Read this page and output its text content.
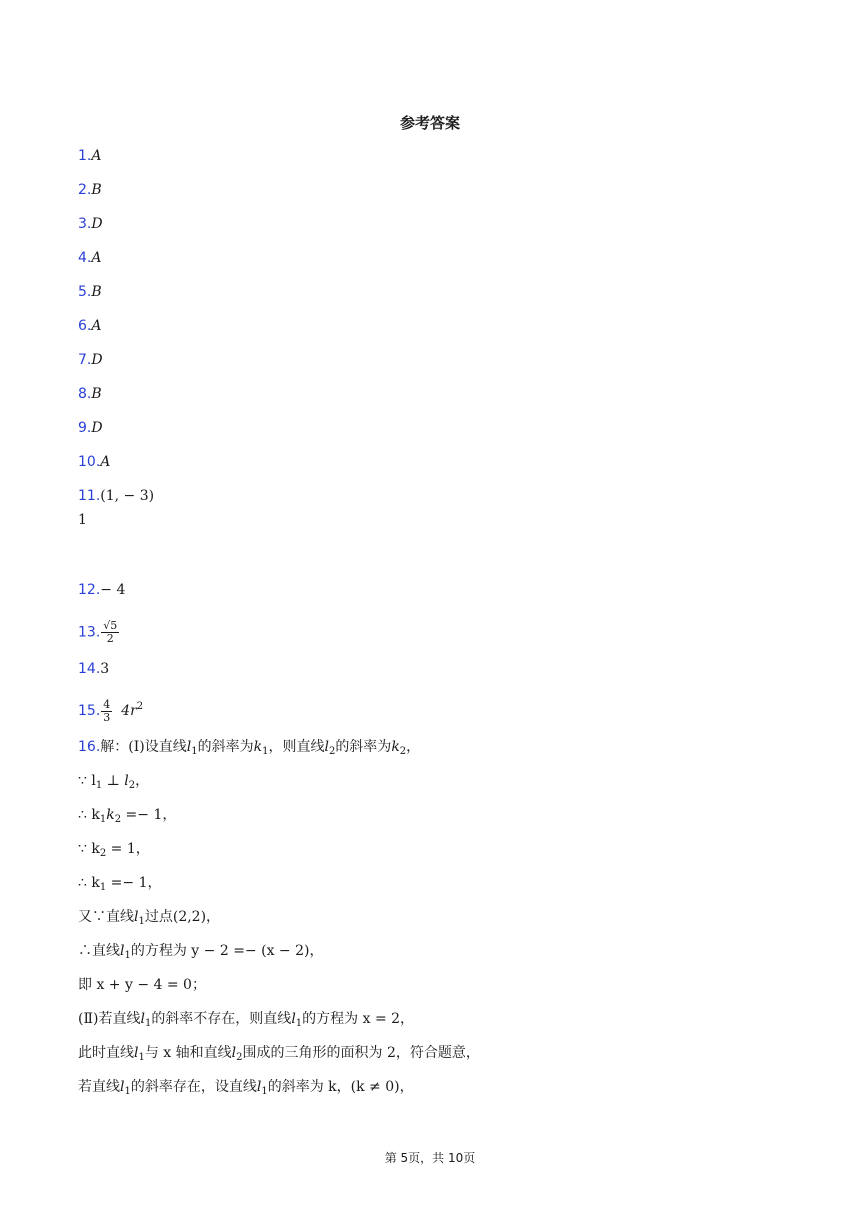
参考答案
1.A
2.B
3.D
4.A
5.B
6.A
7.D
8.B
9.D
10.A
11.(1, − 3)
1
12.− 4
13. $\frac{√5}{2}$
14.3
15. $\frac{4}{3} 4r^2$
16.解：(Ⅰ)设直线$l_1$的斜率为$k_1$，则直线$l_2$的斜率为$k_2$，
∵ $l_1$ ⊥ $l_2$，
∴ $k_1k_2 =- 1$，
∵ $k_2 = 1$，
∴ $k_1 =- 1$，
又∵直线$l_1$过点(2,2)，
∴直线$l_1$的方程为 y − 2 =− (x − 2)，
即 x + y − 4 = 0；
(Ⅱ)若直线$l_1$的斜率不存在，则直线$l_1$的方程为 x = 2，
此时直线$l_1$与 x 轴和直线$l_2$围成的三角形的面积为 2，符合题意，
若直线$l_1$的斜率存在，设直线$l_1$的斜率为 k，(k ≠ 0)，
第 5页，共 10页
